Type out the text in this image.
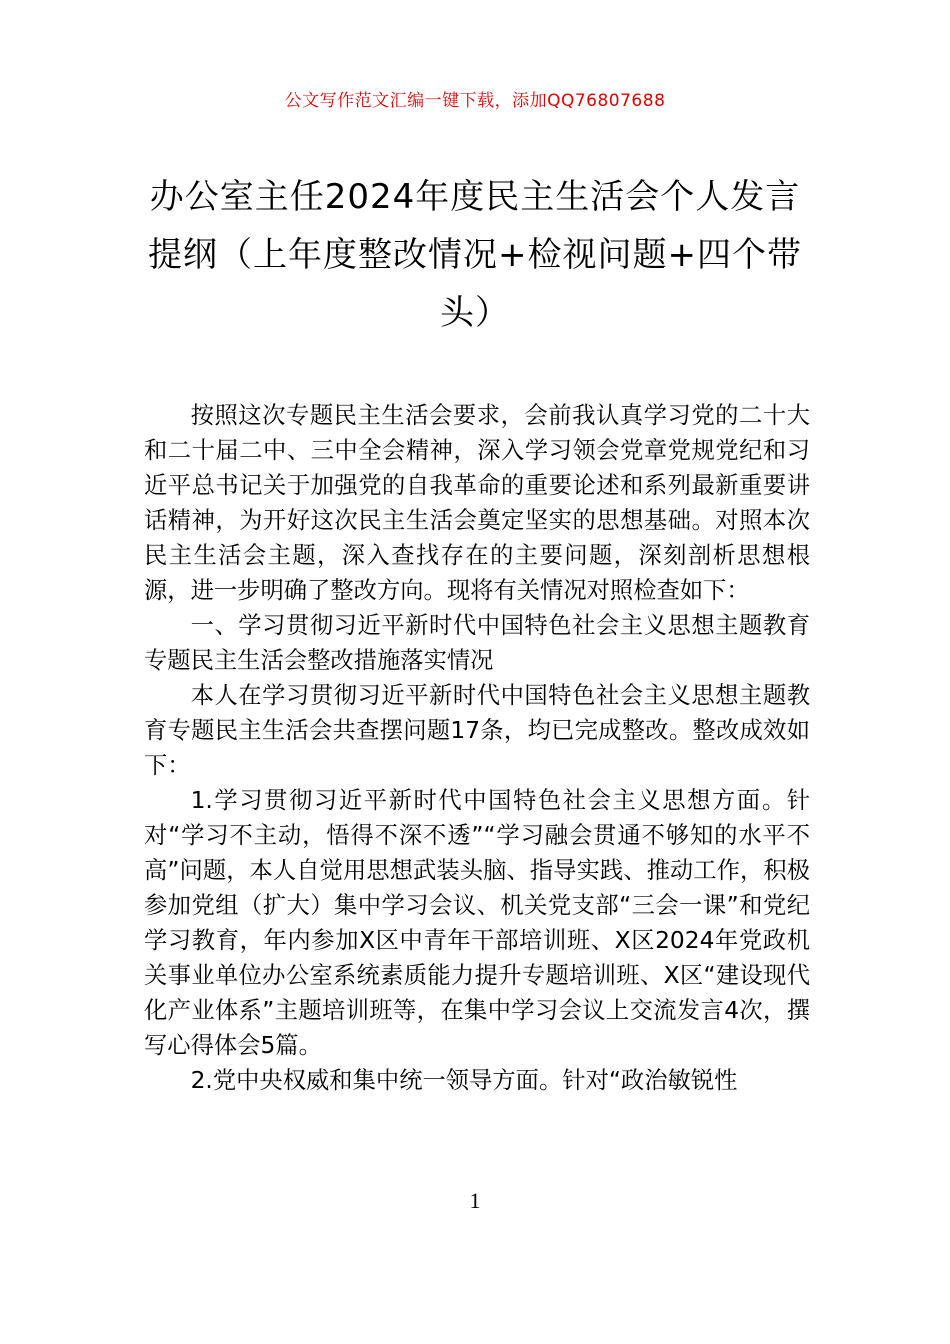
公文写作范文汇编一键下载，添加QQ76807688
办公室主任2024年度民主生活会个人发言提纲（上年度整改情况+检视问题+四个带头）

按照这次专题民主生活会要求，会前我认真学习党的二十大和二十届二中、三中全会精神，深入学习领会党章党规党纪和习近平总书记关于加强党的自我革命的重要论述和系列最新重要讲话精神，为开好这次民主生活会奠定坚实的思想基础。对照本次民主生活会主题，深入查找存在的主要问题，深刻剖析思想根源，进一步明确了整改方向。现将有关情况对照检查如下：

一、学习贯彻习近平新时代中国特色社会主义思想主题教育专题民主生活会整改措施落实情况

本人在学习贯彻习近平新时代中国特色社会主义思想主题教育专题民主生活会共查摆问题17条，均已完成整改。整改成效如下：

1.学习贯彻习近平新时代中国特色社会主义思想方面。针对“学习不主动，悟得不深不透”“学习融会贯通不够知的水平不高”问题，本人自觉用思想武装头脑、指导实践、推动工作，积极参加党组（扩大）集中学习会议、机关党支部“三会一课”和党纪学习教育，年内参加X区中青年干部培训班、X区2024年党政机关事业单位办公室系统素质能力提升专题培训班、X区“建设现代化产业体系”主题培训班等，在集中学习会议上交流发言4次，撰写心得体会5篇。

2.党中央权威和集中统一领导方面。针对“政治敏锐性

1
